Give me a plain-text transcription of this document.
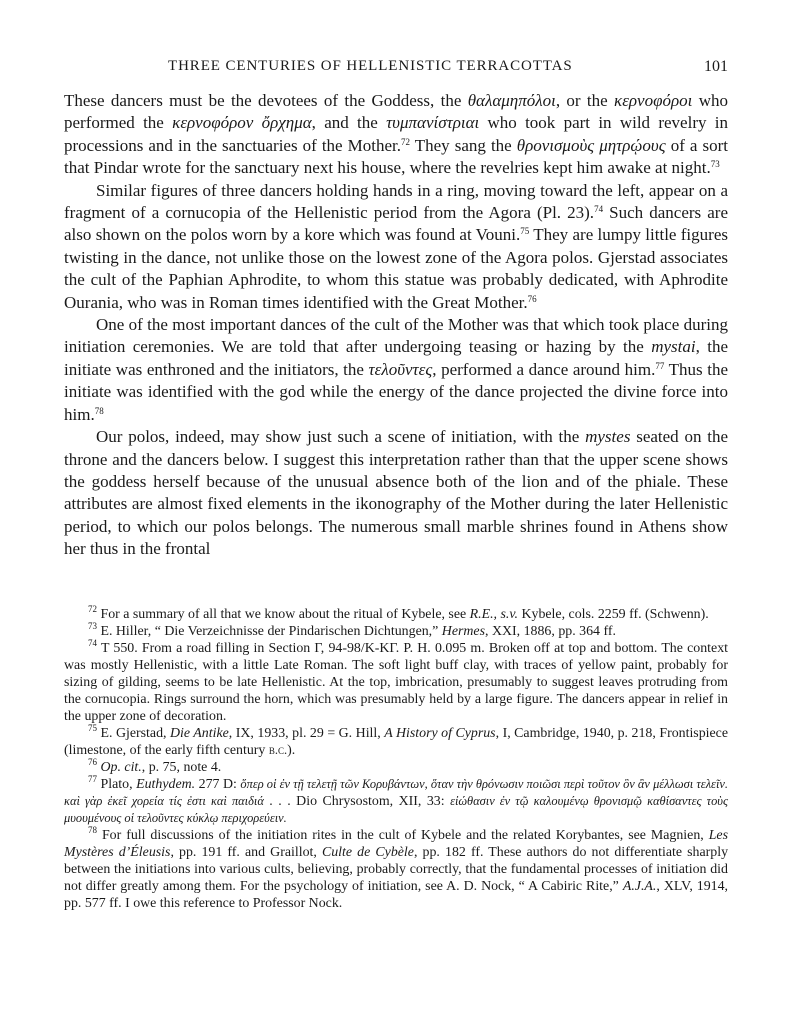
THREE CENTURIES OF HELLENISTIC TERRACOTTAS	101

These dancers must be the devotees of the Goddess, the θαλαμηπόλοι, or the κερνοφόροι who performed the κερνοφόρον ὄρχημα, and the τυμπανίστριαι who took part in wild revelry in processions and in the sanctuaries of the Mother.$^{72}$ They sang the θρονισμοὺς μητρῴους of a sort that Pindar wrote for the sanctuary next his house, where the revelries kept him awake at night.$^{73}$

Similar figures of three dancers holding hands in a ring, moving toward the left, appear on a fragment of a cornucopia of the Hellenistic period from the Agora (Pl. 23).$^{74}$ Such dancers are also shown on the polos worn by a kore which was found at Vouni.$^{75}$ They are lumpy little figures twisting in the dance, not unlike those on the lowest zone of the Agora polos. Gjerstad associates the cult of the Paphian Aphrodite, to whom this statue was probably dedicated, with Aphrodite Ourania, who was in Roman times identified with the Great Mother.$^{76}$

One of the most important dances of the cult of the Mother was that which took place during initiation ceremonies. We are told that after undergoing teasing or hazing by the mystai, the initiate was enthroned and the initiators, the τελοῦντες, performed a dance around him.$^{77}$ Thus the initiate was identified with the god while the energy of the dance projected the divine force into him.$^{78}$

Our polos, indeed, may show just such a scene of initiation, with the mystes seated on the throne and the dancers below. I suggest this interpretation rather than that the upper scene shows the goddess herself because of the unusual absence both of the lion and of the phiale. These attributes are almost fixed elements in the ikonography of the Mother during the later Hellenistic period, to which our polos belongs. The numerous small marble shrines found in Athens show her thus in the frontal

$^{72}$ For a summary of all that we know about the ritual of Kybele, see R.E., s.v. Kybele, cols. 2259 ff. (Schwenn).

$^{73}$ E. Hiller, “ Die Verzeichnisse der Pindarischen Dichtungen,” Hermes, XXI, 1886, pp. 364 ff.

$^{74}$ T 550. From a road filling in Section Γ, 94-98/Κ-ΚΓ. P. H. 0.095 m. Broken off at top and bottom. The context was mostly Hellenistic, with a little Late Roman. The soft light buff clay, with traces of yellow paint, probably for sizing of gilding, seems to be late Hellenistic. At the top, imbrication, presumably to suggest leaves protruding from the cornucopia. Rings surround the horn, which was presumably held by a large figure. The dancers appear in relief in the upper zone of decoration.

$^{75}$ E. Gjerstad, Die Antike, IX, 1933, pl. 29 = G. Hill, A History of Cyprus, I, Cambridge, 1940, p. 218, Frontispiece (limestone, of the early fifth century b.c.).

$^{76}$ Op. cit., p. 75, note 4.

$^{77}$ Plato, Euthydem. 277 D: ὅπερ οἱ ἐν τῇ τελετῇ τῶν Κορυβάντων, ὅταν τὴν θρόνωσιν ποιῶσι περὶ τοῦτον ὃν ἂν μέλλωσι τελεῖν. καὶ γὰρ ἐκεῖ χορεία τίς ἐστι καὶ παιδιά . . . Dio Chrysostom, XII, 33: εἰώθασιν ἐν τῷ καλουμένῳ θρονισμῷ καθίσαντες τοὺς μυουμένους οἱ τελοῦντες κύκλῳ περιχορεύειν.

$^{78}$ For full discussions of the initiation rites in the cult of Kybele and the related Korybantes, see Magnien, Les Mystères d’Éleusis, pp. 191 ff. and Graillot, Culte de Cybèle, pp. 182 ff. These authors do not differentiate sharply between the initiations into various cults, believing, probably correctly, that the fundamental processes of initiation did not differ greatly among them. For the psychology of initiation, see A. D. Nock, “ A Cabiric Rite,” A.J.A., XLV, 1914, pp. 577 ff. I owe this reference to Professor Nock.
